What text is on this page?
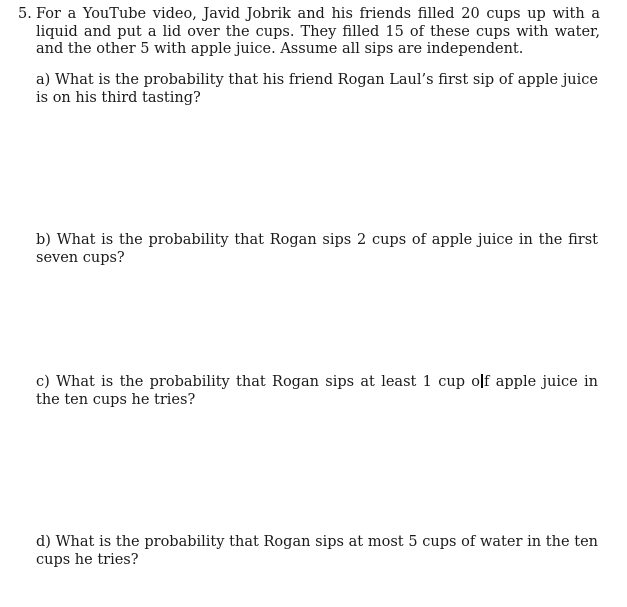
5. For a YouTube video, Javid Jobrik and his friends filled 20 cups up with a liquid and put a lid over the cups. They filled 15 of these cups with water, and the other 5 with apple juice. Assume all sips are independent.
a) What is the probability that his friend Rogan Laul’s first sip of apple juice is on his third tasting?
b) What is the probability that Rogan sips 2 cups of apple juice in the first seven cups?
c) What is the probability that Rogan sips at least 1 cup o f apple juice in the ten cups he tries?
d) What is the probability that Rogan sips at most 5 cups of water in the ten cups he tries?
